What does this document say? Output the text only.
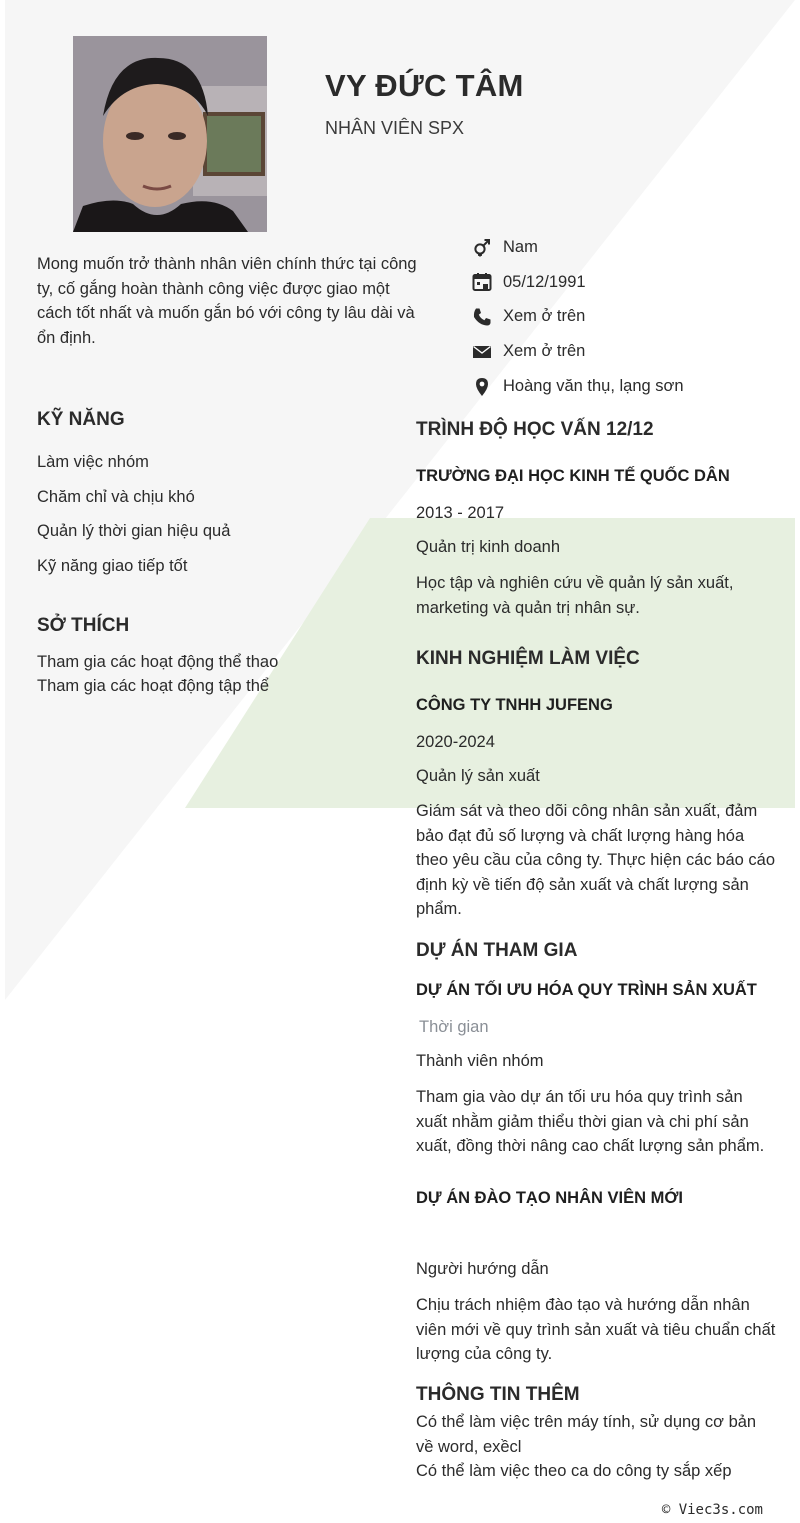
VY ĐỨC TÂM
NHÂN VIÊN SPX
Mong muốn trở thành nhân viên chính thức tại công ty, cố gắng hoàn thành công việc được giao một cách tốt nhất và muốn gắn bó với công ty lâu dài và ổn định.
Nam
05/12/1991
Xem ở trên
Xem ở trên
Hoàng văn thụ, lạng sơn
KỸ NĂNG
Làm việc nhóm
Chăm chỉ và chịu khó
Quản lý thời gian hiệu quả
Kỹ năng giao tiếp tốt
SỞ THÍCH
Tham gia các hoạt động thể thao
Tham gia các hoạt động tập thể
TRÌNH ĐỘ HỌC VẤN 12/12
TRƯỜNG ĐẠI HỌC KINH TẾ QUỐC DÂN
2013 - 2017
Quản trị kinh doanh
Học tập và nghiên cứu về quản lý sản xuất, marketing và quản trị nhân sự.
KINH NGHIỆM LÀM VIỆC
CÔNG TY TNHH JUFENG
2020-2024
Quản lý sản xuất
Giám sát và theo dõi công nhân sản xuất, đảm bảo đạt đủ số lượng và chất lượng hàng hóa theo yêu cầu của công ty. Thực hiện các báo cáo định kỳ về tiến độ sản xuất và chất lượng sản phẩm.
DỰ ÁN THAM GIA
DỰ ÁN TỐI ƯU HÓA QUY TRÌNH SẢN XUẤT
Thời gian
Thành viên nhóm
Tham gia vào dự án tối ưu hóa quy trình sản xuất nhằm giảm thiểu thời gian và chi phí sản xuất, đồng thời nâng cao chất lượng sản phẩm.
DỰ ÁN ĐÀO TẠO NHÂN VIÊN MỚI
Người hướng dẫn
Chịu trách nhiệm đào tạo và hướng dẫn nhân viên mới về quy trình sản xuất và tiêu chuẩn chất lượng của công ty.
THÔNG TIN THÊM
Có thể làm việc trên máy tính, sử dụng cơ bản về word, exềcl
Có thể làm việc theo ca do công ty sắp xếp
© Viec3s.com
